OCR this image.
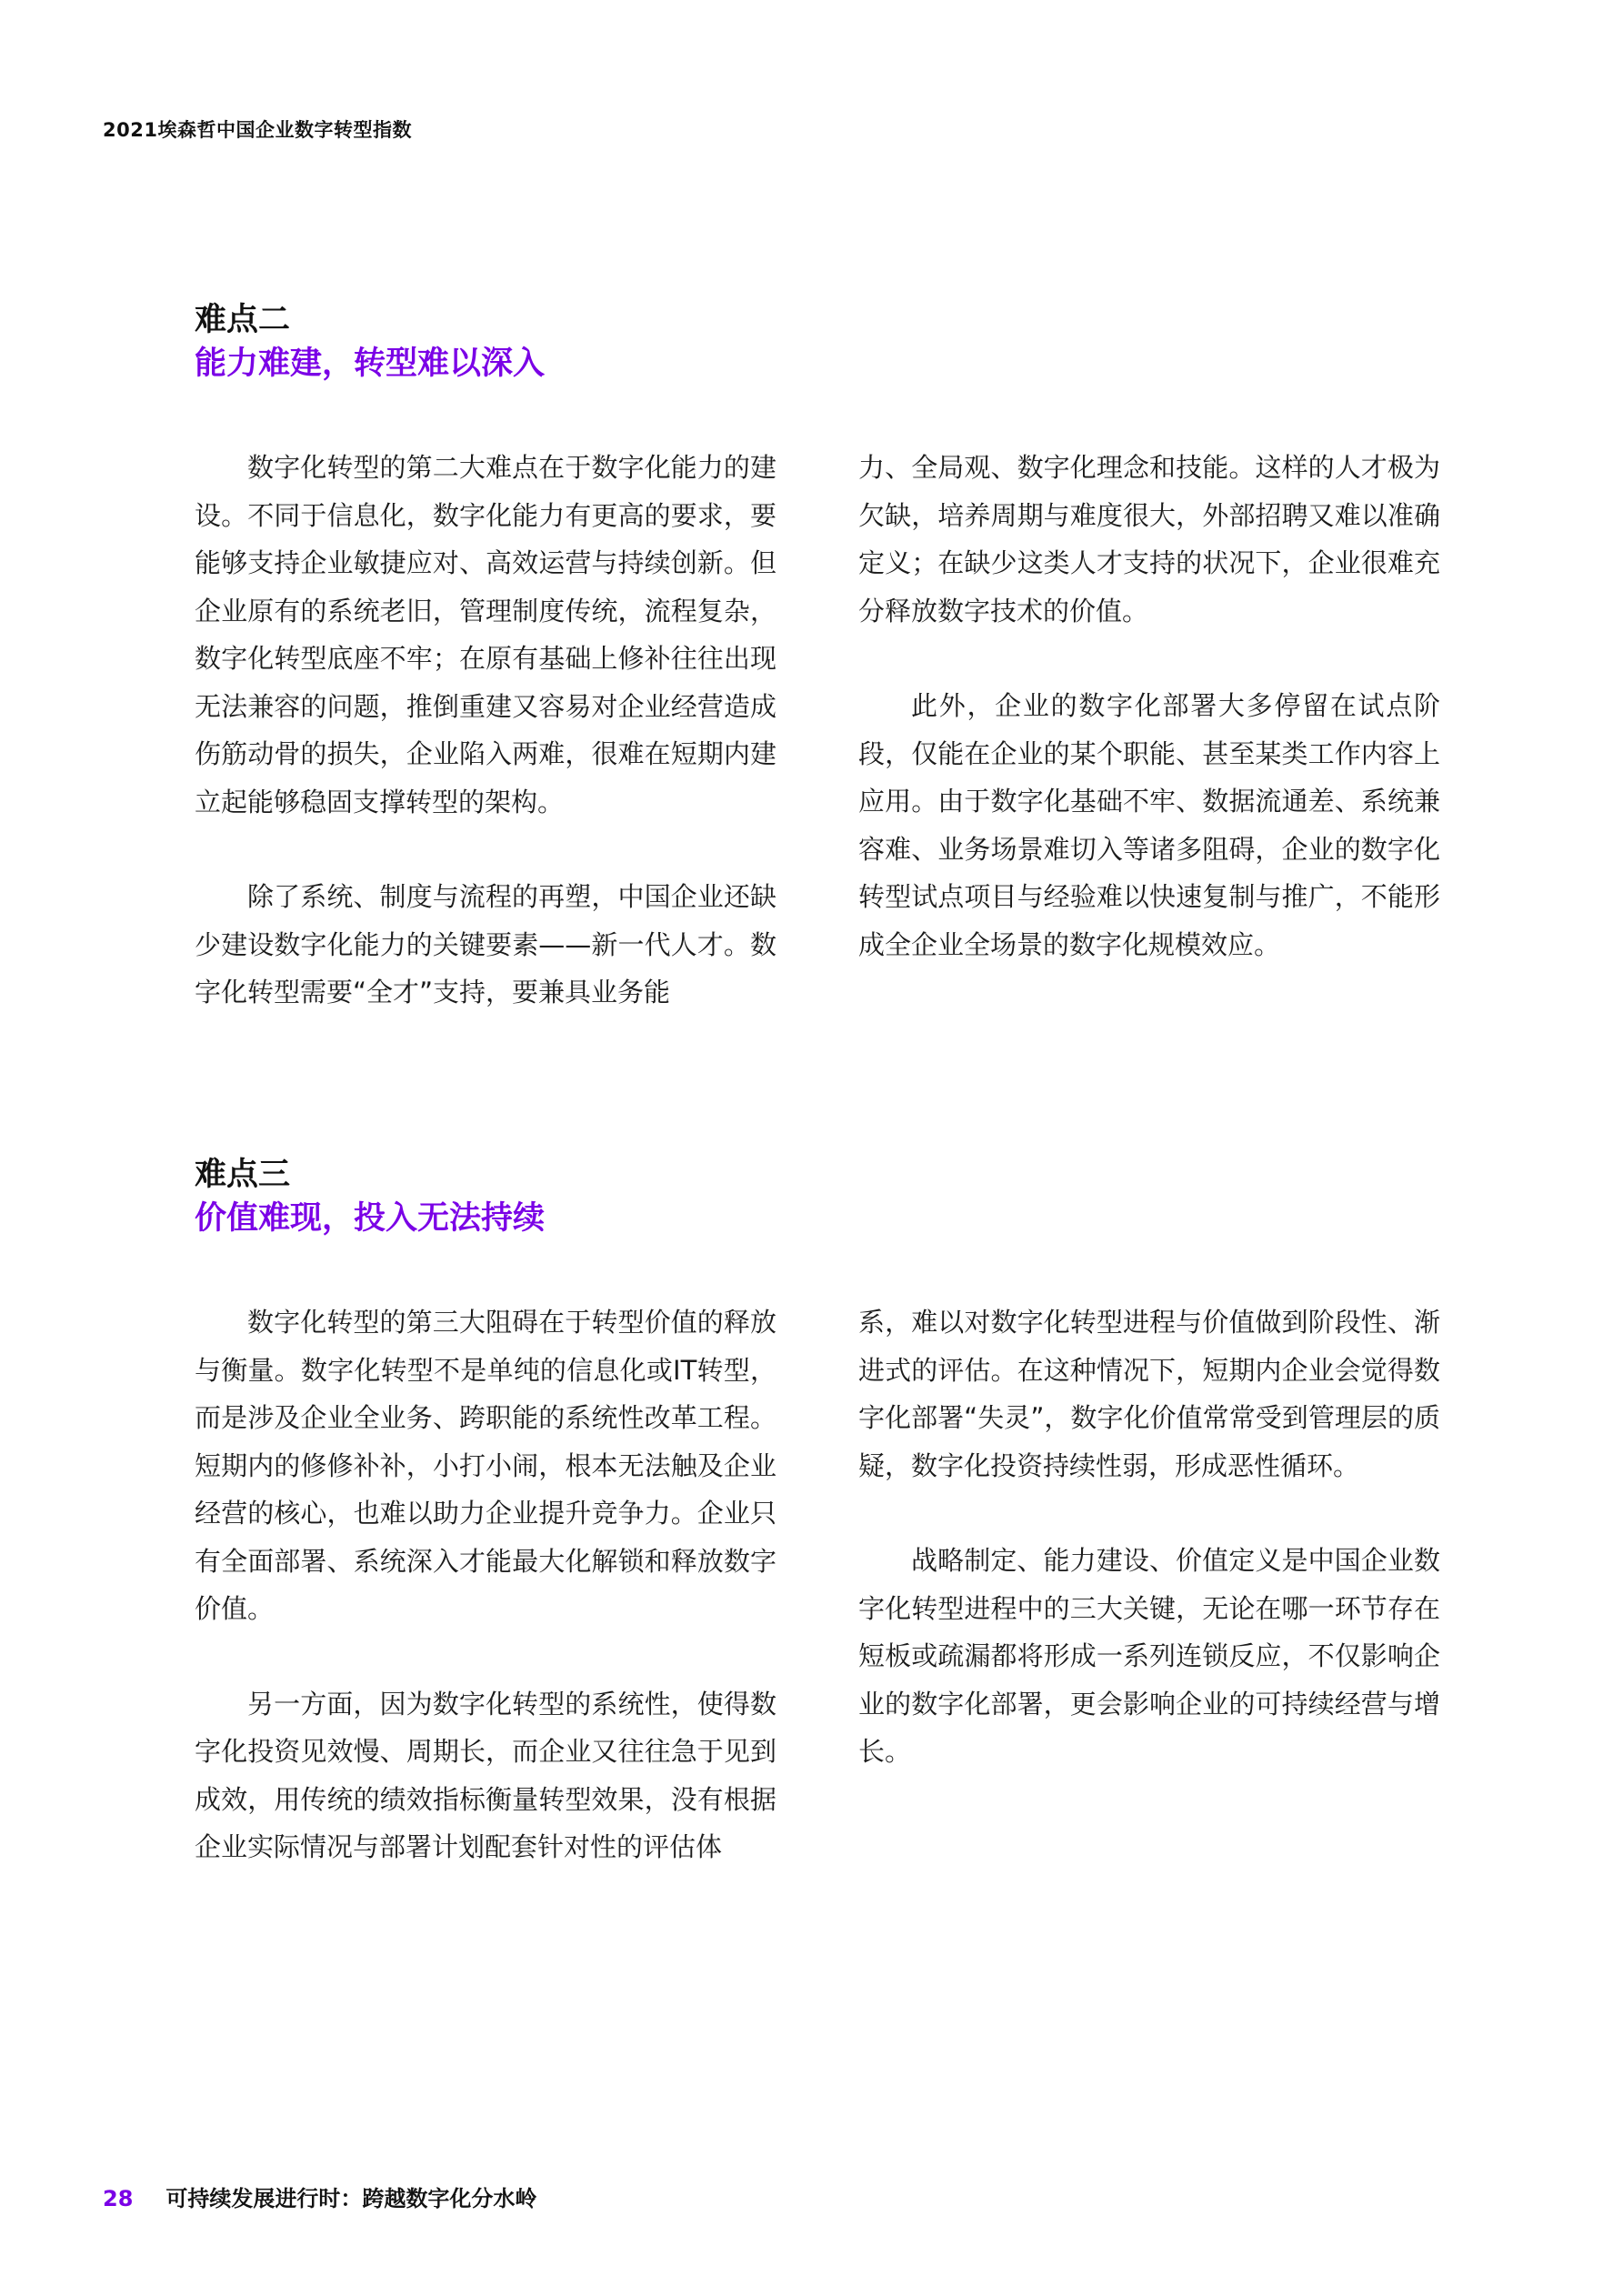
2021埃森哲中国企业数字转型指数
难点二
能力难建，转型难以深入

数字化转型的第二大难点在于数字化能力的建设。不同于信息化，数字化能力有更高的要求，要能够支持企业敏捷应对、高效运营与持续创新。但企业原有的系统老旧，管理制度传统，流程复杂，数字化转型底座不牢；在原有基础上修补往往出现无法兼容的问题，推倒重建又容易对企业经营造成伤筋动骨的损失，企业陷入两难，很难在短期内建立起能够稳固支撑转型的架构。

除了系统、制度与流程的再塑，中国企业还缺少建设数字化能力的关键要素——新一代人才。数字化转型需要“全才”支持，要兼具业务能

力、全局观、数字化理念和技能。这样的人才极为欠缺，培养周期与难度很大，外部招聘又难以准确定义；在缺少这类人才支持的状况下，企业很难充分释放数字技术的价值。

此外，企业的数字化部署大多停留在试点阶段，仅能在企业的某个职能、甚至某类工作内容上应用。由于数字化基础不牢、数据流通差、系统兼容难、业务场景难切入等诸多阻碍，企业的数字化转型试点项目与经验难以快速复制与推广，不能形成全企业全场景的数字化规模效应。

难点三
价值难现，投入无法持续

数字化转型的第三大阻碍在于转型价值的释放与衡量。数字化转型不是单纯的信息化或IT转型，而是涉及企业全业务、跨职能的系统性改革工程。短期内的修修补补，小打小闹，根本无法触及企业经营的核心，也难以助力企业提升竞争力。企业只有全面部署、系统深入才能最大化解锁和释放数字价值。

另一方面，因为数字化转型的系统性，使得数字化投资见效慢、周期长，而企业又往往急于见到成效，用传统的绩效指标衡量转型效果，没有根据企业实际情况与部署计划配套针对性的评估体

系，难以对数字化转型进程与价值做到阶段性、渐进式的评估。在这种情况下，短期内企业会觉得数字化部署“失灵”，数字化价值常常受到管理层的质疑，数字化投资持续性弱，形成恶性循环。

战略制定、能力建设、价值定义是中国企业数字化转型进程中的三大关键，无论在哪一环节存在短板或疏漏都将形成一系列连锁反应，不仅影响企业的数字化部署，更会影响企业的可持续经营与增长。

28 可持续发展进行时：跨越数字化分水岭
